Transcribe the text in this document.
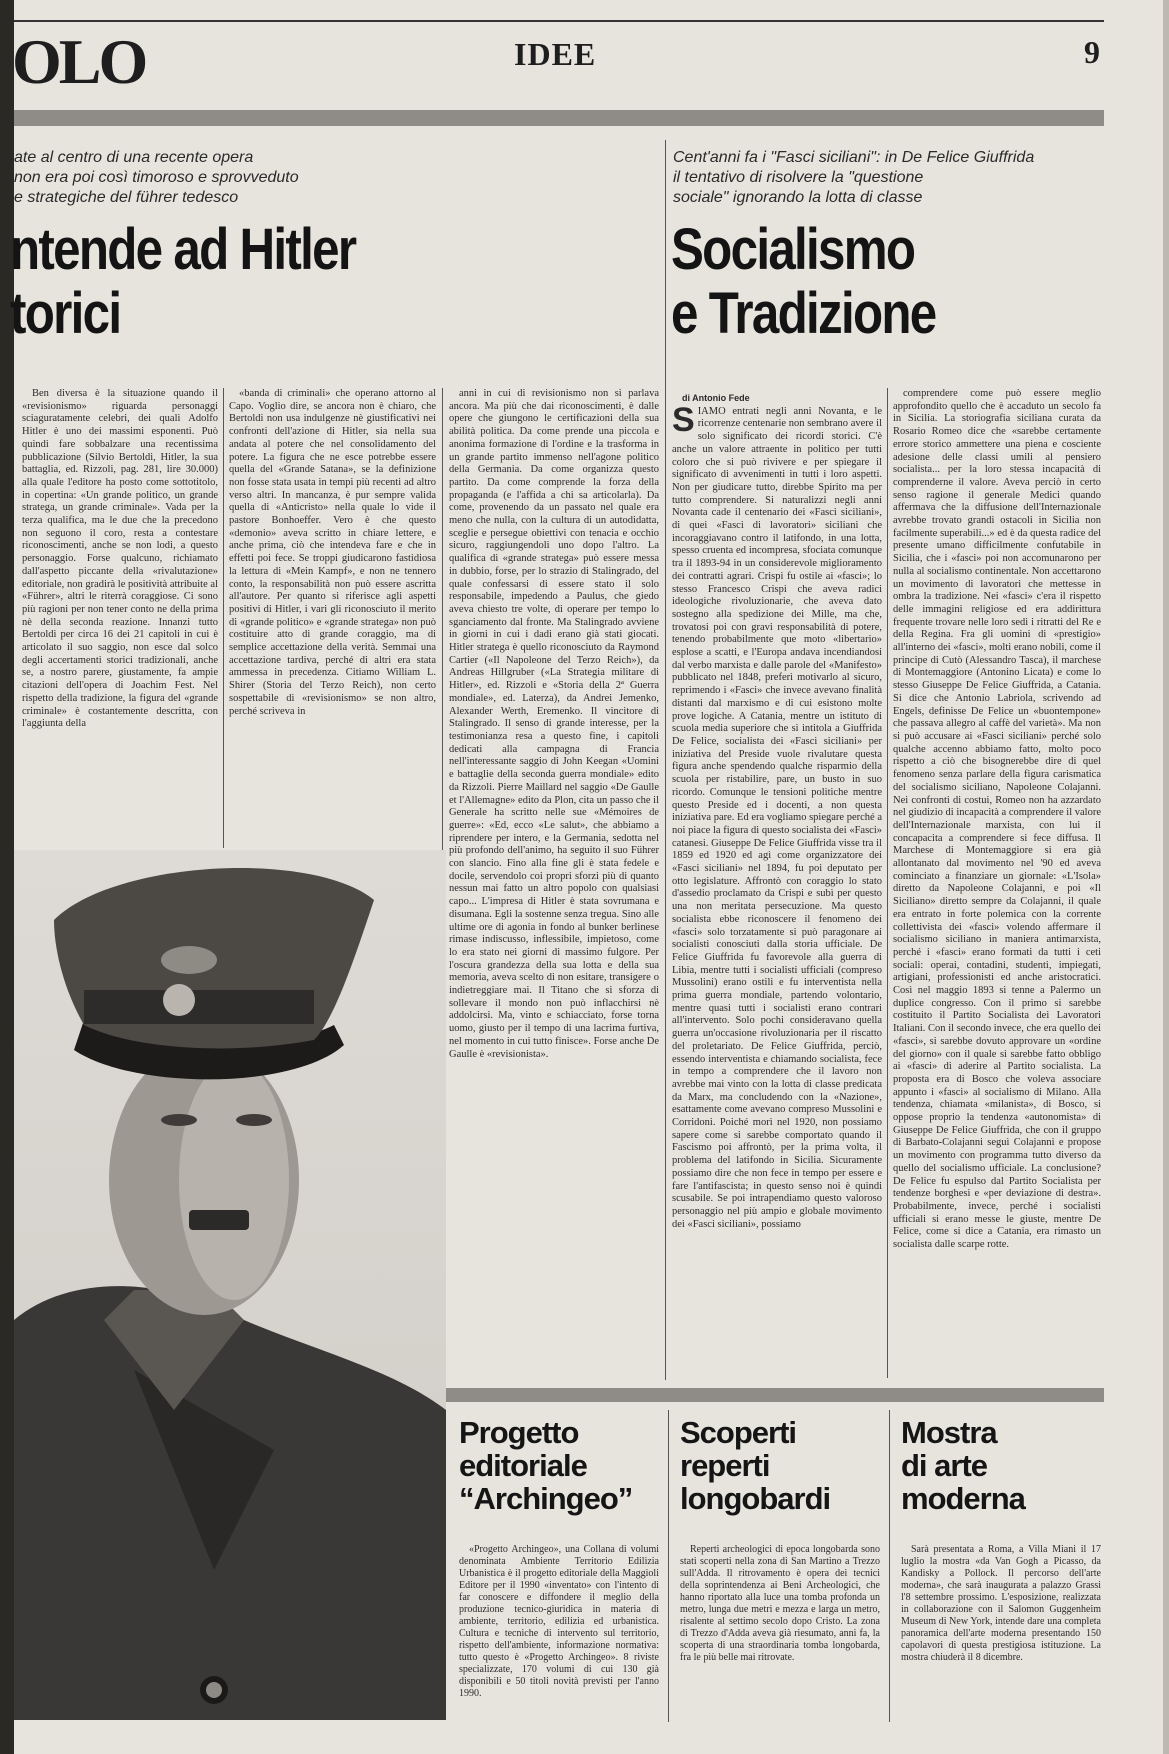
OLO	IDEE	9
ate al centro di una recente opera
non era poi così timoroso e sprovveduto
e strategiche del führer tedesco
ntende ad Hitler
torici

Ben diversa è la situazione quando il «revisionismo» riguarda personaggi sciaguratamente celebri, dei quali Adolfo Hitler è uno dei massimi esponenti. Può quindi fare sobbalzare una recentissima pubblicazione (Silvio Bertoldi, Hitler, la sua battaglia, ed. Rizzoli, pag. 281, lire 30.000) alla quale l'editore ha posto come sottotitolo, in copertina: «Un grande politico, un grande stratega, un grande criminale». Vada per la terza qualifica, ma le due che la precedono non seguono il coro, resta a contestare riconoscimenti, anche se non lodi, a questo personaggio. Forse qualcuno, richiamato dall'aspetto piccante della «rivalutazione» editoriale, non gradirà le positività attribuite al «Führer», altri le riterrà coraggiose. Ci sono più ragioni per non tener conto ne della prima nè della seconda reazione. Innanzi tutto Bertoldi per circa 16 dei 21 capitoli in cui è articolato il suo saggio, non esce dal solco degli accertamenti storici tradizionali, anche se, a nostro parere, giustamente, fa ampie citazioni dell'opera di Joachim Fest. Nel rispetto della tradizione, la figura del «grande criminale» è costantemente descritta, con l'aggiunta della

«banda di criminali» che operano attorno al Capo. Voglio dire, se ancora non è chiaro, che Bertoldi non usa indulgenze nè giustificativi nei confronti dell'azione di Hitler, sia nella sua andata al potere che nel consolidamento del potere. La figura che ne esce potrebbe essere quella del «Grande Satana», se la definizione non fosse stata usata in tempi più recenti ad altro verso altri. In mancanza, è pur sempre valida quella di «Anticristo» nella quale lo vide il pastore Bonhoeffer. Vero è che questo «demonio» aveva scritto in chiare lettere, e anche prima, ciò che intendeva fare e che in effetti poi fece. Se troppi giudicarono fastidiosa la lettura di «Mein Kampf», e non ne tennero conto, la responsabilità non può essere ascritta all'autore. Per quanto si riferisce agli aspetti positivi di Hitler, i vari gli riconosciuto il merito di «grande politico» e «grande stratega» non può costituire atto di grande coraggio, ma di semplice accettazione della verità. Semmai una accettazione tardiva, perché di altri era stata ammessa in precedenza. Citiamo William L. Shirer (Storia del Terzo Reich), non certo sospettabile di «revisionismo» se non altro, perché scriveva in

anni in cui di revisionismo non si parlava ancora. Ma più che dai riconoscimenti, è dalle opere che giungono le certificazioni della sua abilità politica. Da come prende una piccola e anonima formazione di l'ordine e la trasforma in un grande partito immenso nell'agone politico della Germania. Da come organizza questo partito. Da come comprende la forza della propaganda (e l'affida a chi sa articolarla). Da come, provenendo da un passato nel quale era meno che nulla, con la cultura di un autodidatta, sceglie e persegue obiettivi con tenacia e occhio sicuro, raggiungendoli uno dopo l'altro. La qualifica di «grande stratega» può essere messa in dubbio, forse, per lo strazio di Stalingrado, del quale confessarsi di essere stato il solo responsabile, impedendo a Paulus, che giedo aveva chiesto tre volte, di operare per tempo lo sganciamento dal fronte. Ma Stalingrado avviene in giorni in cui i dadi erano già stati giocati. Hitler stratega è quello riconosciuto da Raymond Cartier («Il Napoleone del Terzo Reich»), da Andreas Hillgruber («La Strategia militare di Hitler», ed. Rizzoli e «Storia della 2ª Guerra mondiale», ed. Laterza), da Andrei Jemenko, Alexander Werth, Eremenko. Il vincitore di Stalingrado. Il senso di grande interesse, per la testimonianza resa a questo fine, i capitoli dedicati alla campagna di Francia nell'interessante saggio di John Keegan «Uomini e battaglie della seconda guerra mondiale» edito da Rizzoli. Pierre Maillard nel saggio «De Gaulle et l'Allemagne» edito da Plon, cita un passo che il Generale ha scritto nelle sue «Mémoires de guerre»: «Ed, ecco «Le salut», che abbiamo a riprendere per intero, e la Germania, sedotta nel più profondo dell'animo, ha seguito il suo Führer con slancio. Fino alla fine gli è stata fedele e docile, servendolo coi propri sforzi più di quanto nessun mai fatto un altro popolo con qualsiasi capo... L'impresa di Hitler è stata sovrumana e disumana. Egli la sostenne senza tregua. Sino alle ultime ore di agonia in fondo al bunker berlinese rimase indiscusso, inflessibile, impietoso, come lo era stato nei giorni di massimo fulgore. Per l'oscura grandezza della sua lotta e della sua memoria, aveva scelto di non esitare, transigere o indietreggiare mai. Il Titano che si sforza di sollevare il mondo non può inflacchirsi nè addolcirsi. Ma, vinto e schiacciato, forse torna uomo, giusto per il tempo di una lacrima furtiva, nel momento in cui tutto finisce». Forse anche De Gaulle è «revisionista».

Cent'anni fa i "Fasci siciliani": in De Felice Giuffrida
il tentativo di risolvere la "questione
sociale" ignorando la lotta di classe
Socialismo
e Tradizione

di Antonio Fede

SIAMO entrati negli anni Novanta, e le ricorrenze centenarie non sembrano avere il solo significato dei ricordi storici. C'è anche un valore attraente in politico per tutti coloro che si può rivivere e per spiegare il significato di avvenimenti in tutti i loro aspetti. Non per giudicare tutto, direbbe Spirito ma per tutto comprendere. Si naturalizzi negli anni Novanta cade il centenario dei «Fasci siciliani», di quei «Fasci di lavoratori» siciliani che incoraggiavano contro il latifondo, in una lotta, spesso cruenta ed incompresa, sfociata comunque tra il 1893-94 in un considerevole miglioramento dei contratti agrari. Crispi fu ostile ai «fasci»; lo stesso Francesco Crispi che aveva radici ideologiche rivoluzionarie, che aveva dato sostegno alla spedizione dei Mille, ma che, trovatosi poi con gravi responsabilità di potere, tenendo probabilmente que moto «libertario» esplose a scatti, e l'Europa andava incendiandosi dal verbo marxista e dalle parole del «Manifesto» pubblicato nel 1848, preferì motivarlo al sicuro, reprimendo i «Fasci» che invece avevano finalità distanti dal marxismo e di cui esistono molte prove logiche. A Catania, mentre un istituto di scuola media superiore che si intitola a Giuffrida De Felice, socialista dei «Fasci siciliani» per iniziativa del Preside vuole rivalutare questa figura anche spendendo qualche risparmio della scuola per ristabilire, pare, un busto in suo ricordo. Comunque le tensioni politiche mentre questo Preside ed i docenti, a non questa iniziativa pare. Ed era vogliamo spiegare perché a noi piace la figura di questo socialista dei «Fasci» catanesi. Giuseppe De Felice Giuffrida visse tra il 1859 ed 1920 ed agì come organizzatore dei «Fasci siciliani» nel 1894, fu poi deputato per otto legislature. Affrontò con coraggio lo stato d'assedio proclamato da Crispi e subì per questo una non meritata persecuzione. Ma questo socialista ebbe riconoscere il fenomeno dei «fasci» solo torzatamente si può paragonare ai socialisti conosciuti dalla storia ufficiale. De Felice Giuffrida fu favorevole alla guerra di Libia, mentre tutti i socialisti ufficiali (compreso Mussolini) erano ostili e fu interventista nella prima guerra mondiale, partendo volontario, mentre quasi tutti i socialisti erano contrari all'intervento. Solo pochi consideravano quella guerra un'occasione rivoluzionaria per il riscatto del proletariato. De Felice Giuffrida, perciò, essendo interventista e chiamando socialista, fece in tempo a comprendere che il lavoro non avrebbe mai vinto con la lotta di classe predicata da Marx, ma concludendo con la «Nazione», esattamente come avevano compreso Mussolini e Corridoni. Poiché morì nel 1920, non possiamo sapere come si sarebbe comportato quando il Fascismo poi affrontò, per la prima volta, il problema del latifondo in Sicilia. Sicuramente possiamo dire che non fece in tempo per essere e fare l'antifascista; in questo senso noi è quindi scusabile. Se poi intrapendiamo questo valoroso personaggio nel più ampio e globale movimento dei «Fasci siciliani», possiamo

comprendere come può essere meglio approfondito quello che è accaduto un secolo fa in Sicilia. La storiografia siciliana curata da Rosario Romeo dice che «sarebbe certamente errore storico ammettere una piena e cosciente adesione delle classi umili al pensiero socialista... per la loro stessa incapacità di comprenderne il valore. Aveva perciò in certo senso ragione il generale Medici quando affermava che la diffusione dell'Internazionale avrebbe trovato grandi ostacoli in Sicilia non facilmente superabili...» ed è da questa radice del presente umano difficilmente confutabile in Sicilia, che i «fasci» poi non accomunarono per nulla al socialismo continentale. Non accettarono un movimento di lavoratori che mettesse in ombra la tradizione. Nei «fasci» c'era il rispetto delle immagini religiose ed era addirittura frequente trovare nelle loro sedi i ritratti del Re e della Regina. Fra gli uomini di «prestigio» all'interno dei «fasci», molti erano nobili, come il principe di Cutò (Alessandro Tasca), il marchese di Montemaggiore (Antonino Licata) e come lo stesso Giuseppe De Felice Giuffrida, a Catania. Si dice che Antonio Labriola, scrivendo ad Engels, definisse De Felice un «buontempone» che passava allegro al caffè del varietà». Ma non si può accusare ai «Fasci siciliani» perché solo qualche accenno abbiamo fatto, molto poco rispetto a ciò che bisognerebbe dire di quel fenomeno senza parlare della figura carismatica del socialismo siciliano, Napoleone Colajanni. Nei confronti di costui, Romeo non ha azzardato nel giudizio di incapacità a comprendere il valore dell'Internazionale marxista, con lui il concapacita a comprendere si fece diffusa. Il Marchese di Montemaggiore si era già allontanato dal movimento nel '90 ed aveva cominciato a finanziare un giornale: «L'Isola» diretto da Napoleone Colajanni, e poi «Il Siciliano» diretto sempre da Colajanni, il quale era entrato in forte polemica con la corrente collettivista dei «fasci» volendo affermare il socialismo siciliano in maniera antimarxista, perché i «fasci» erano formati da tutti i ceti sociali: operai, contadini, studenti, impiegati, artigiani, professionisti ed anche aristocratici. Così nel maggio 1893 si tenne a Palermo un duplice congresso. Con il primo si sarebbe costituito il Partito Socialista dei Lavoratori Italiani. Con il secondo invece, che era quello dei «fasci», si sarebbe dovuto approvare un «ordine del giorno» con il quale si sarebbe fatto obbligo ai «fasci» di aderire al Partito socialista. La proposta era di Bosco che voleva associare appunto i «fasci» al socialismo di Milano. Alla tendenza, chiamata «milanista», di Bosco, si oppose proprio la tendenza «autonomista» di Giuseppe De Felice Giuffrida, che con il gruppo di Barbato-Colajanni seguì Colajanni e propose un movimento con programma tutto diverso da quello del socialismo ufficiale. La conclusione? De Felice fu espulso dal Partito Socialista per tendenze borghesi e «per deviazione di destra». Probabilmente, invece, perché i socialisti ufficiali si erano messe le giuste, mentre De Felice, come si dice a Catania, era rimasto un socialista dalle scarpe rotte.

Progetto
editoriale
“Archingeo”

«Progetto Archingeo», una Collana di volumi denominata Ambiente Territorio Edilizia Urbanistica è il progetto editoriale della Maggioli Editore per il 1990 «inventato» con l'intento di far conoscere e diffondere il meglio della produzione tecnico-giuridica in materia di ambiente, territorio, edilizia ed urbanistica. Cultura e tecniche di intervento sul territorio, rispetto dell'ambiente, informazione normativa: tutto questo è «Progetto Archingeo». 8 riviste specializzate, 170 volumi di cui 130 già disponibili e 50 titoli novità previsti per l'anno 1990.

Scoperti
reperti
longobardi

Reperti archeologici di epoca longobarda sono stati scoperti nella zona di San Martino a Trezzo sull'Adda. Il ritrovamento è opera dei tecnici della soprintendenza ai Beni Archeologici, che hanno riportato alla luce una tomba profonda un metro, lunga due metri e mezza e larga un metro, risalente al settimo secolo dopo Cristo. La zona di Trezzo d'Adda aveva già riesumato, anni fa, la scoperta di una straordinaria tomba longobarda, fra le più belle mai ritrovate.

Mostra
di arte
moderna

Sarà presentata a Roma, a Villa Miani il 17 luglio la mostra «da Van Gogh a Picasso, da Kandisky a Pollock. Il percorso dell'arte moderna», che sarà inaugurata a palazzo Grassi l'8 settembre prossimo. L'esposizione, realizzata in collaborazione con il Salomon Guggenheim Museum di New York, intende dare una completa panoramica dell'arte moderna presentando 150 capolavori di questa prestigiosa istituzione. La mostra chiuderà il 8 dicembre.
